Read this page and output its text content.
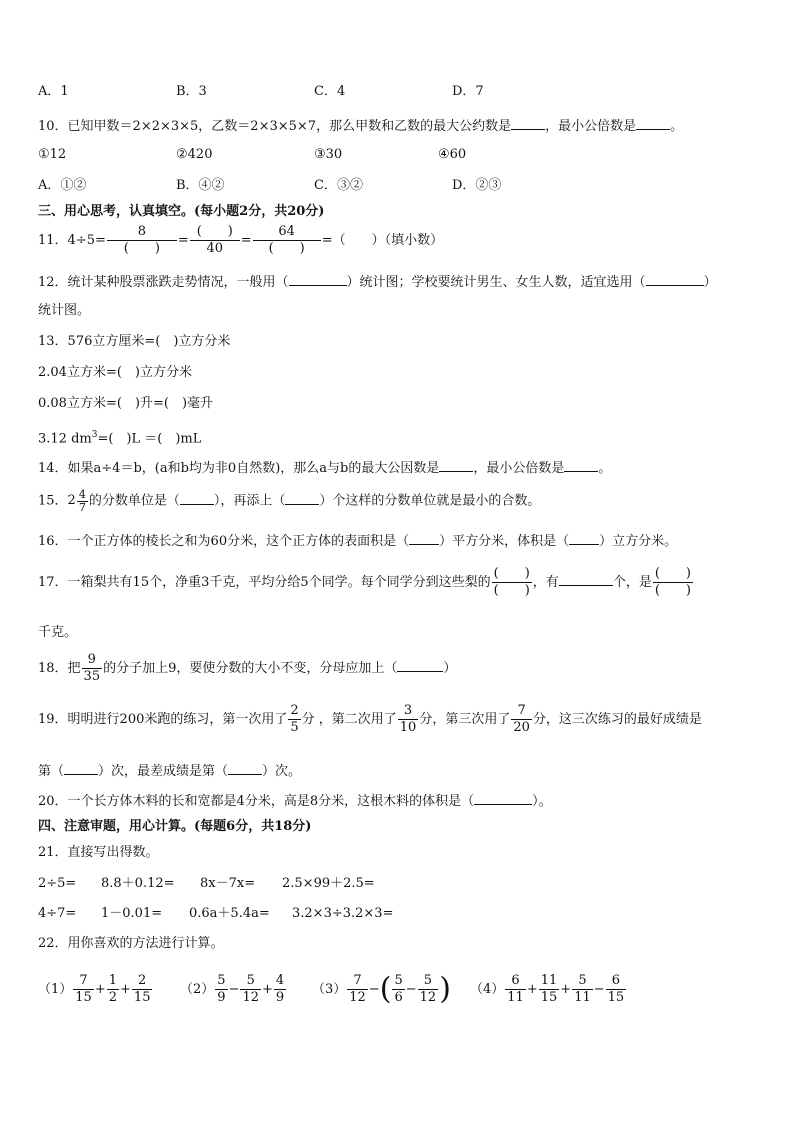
A．1	B．3	C．4	D．7
10．已知甲数＝2×2×3×5，乙数＝2×3×5×7，那么甲数和乙数的最大公约数是	，最小公倍数是	。
①12	②420	③30	④60
A．①②	B．④②	C．③②	D．②③
三、用心思考，认真填空。(每小题2分，共20分)
11．4÷5=
8
(　　)
=
(　　)
40
=
64
(　　)
=（　　）（填小数）
12．统计某种股票涨跌走势情况，一般用（	）统计图；学校要统计男生、女生人数，适宜选用（	）
统计图。
13．576立方厘米=(　)立方分米
2.04立方米=(　)立方分米
0.08立方米=(　)升=(　)毫升
3.12 $dm^3=$(　)L ＝(　)mL
14．如果a÷4＝b，(a和b均为非0自然数)，那么a与b的最大公因数是	，最小公倍数是	。
15． $2 \frac{4}{7}$ 的分数单位是（	），再添上（	）个这样的分数单位就是最小的合数。
16．一个正方体的棱长之和为60分米，这个正方体的表面积是（ ）平方分米，体积是（ ）立方分米。
17．一箱梨共有15个，净重3千克，平均分给5个同学。每个同学分到这些梨的
(　　)
(　　)
，有	个，是
(　　)
(　　)
千克。
18．把 $\frac{9}{35}$ 的分子加上9，要使分数的大小不变，分母应加上（	）
19．明明进行200米跑的练习，第一次用了 $\frac{2}{5}$ 分 ，第二次用了 $\frac{3}{10}$ 分，第三次用了 $\frac{7}{20}$ 分，这三次练习的最好成绩是
第（	）次，最差成绩是第（	）次。
20．一个长方体木料的长和宽都是4分米，高是8分米，这根木料的体积是（	）。
四、注意审题，用心计算。(每题6分，共18分)
21．直接写出得数。
2÷5= 8.8＋0.12= 8x－7x= 2.5×99＋2.5=
4÷7= 1－0.01= 0.6a＋5.4a= 3.2×3÷3.2×3=
22．用你喜欢的方法进行计算。
$(1) \frac{7}{15} + \frac{1}{2} + \frac{2}{15} (2) \frac{5}{9} - \frac{5}{12} + \frac{4}{9} (3) \frac{7}{12}$ −( $\frac{5}{6} - \frac{5}{12}$ ) $(4) \frac{6}{11} + \frac{11}{15} + \frac{5}{11} - \frac{6}{15}$
